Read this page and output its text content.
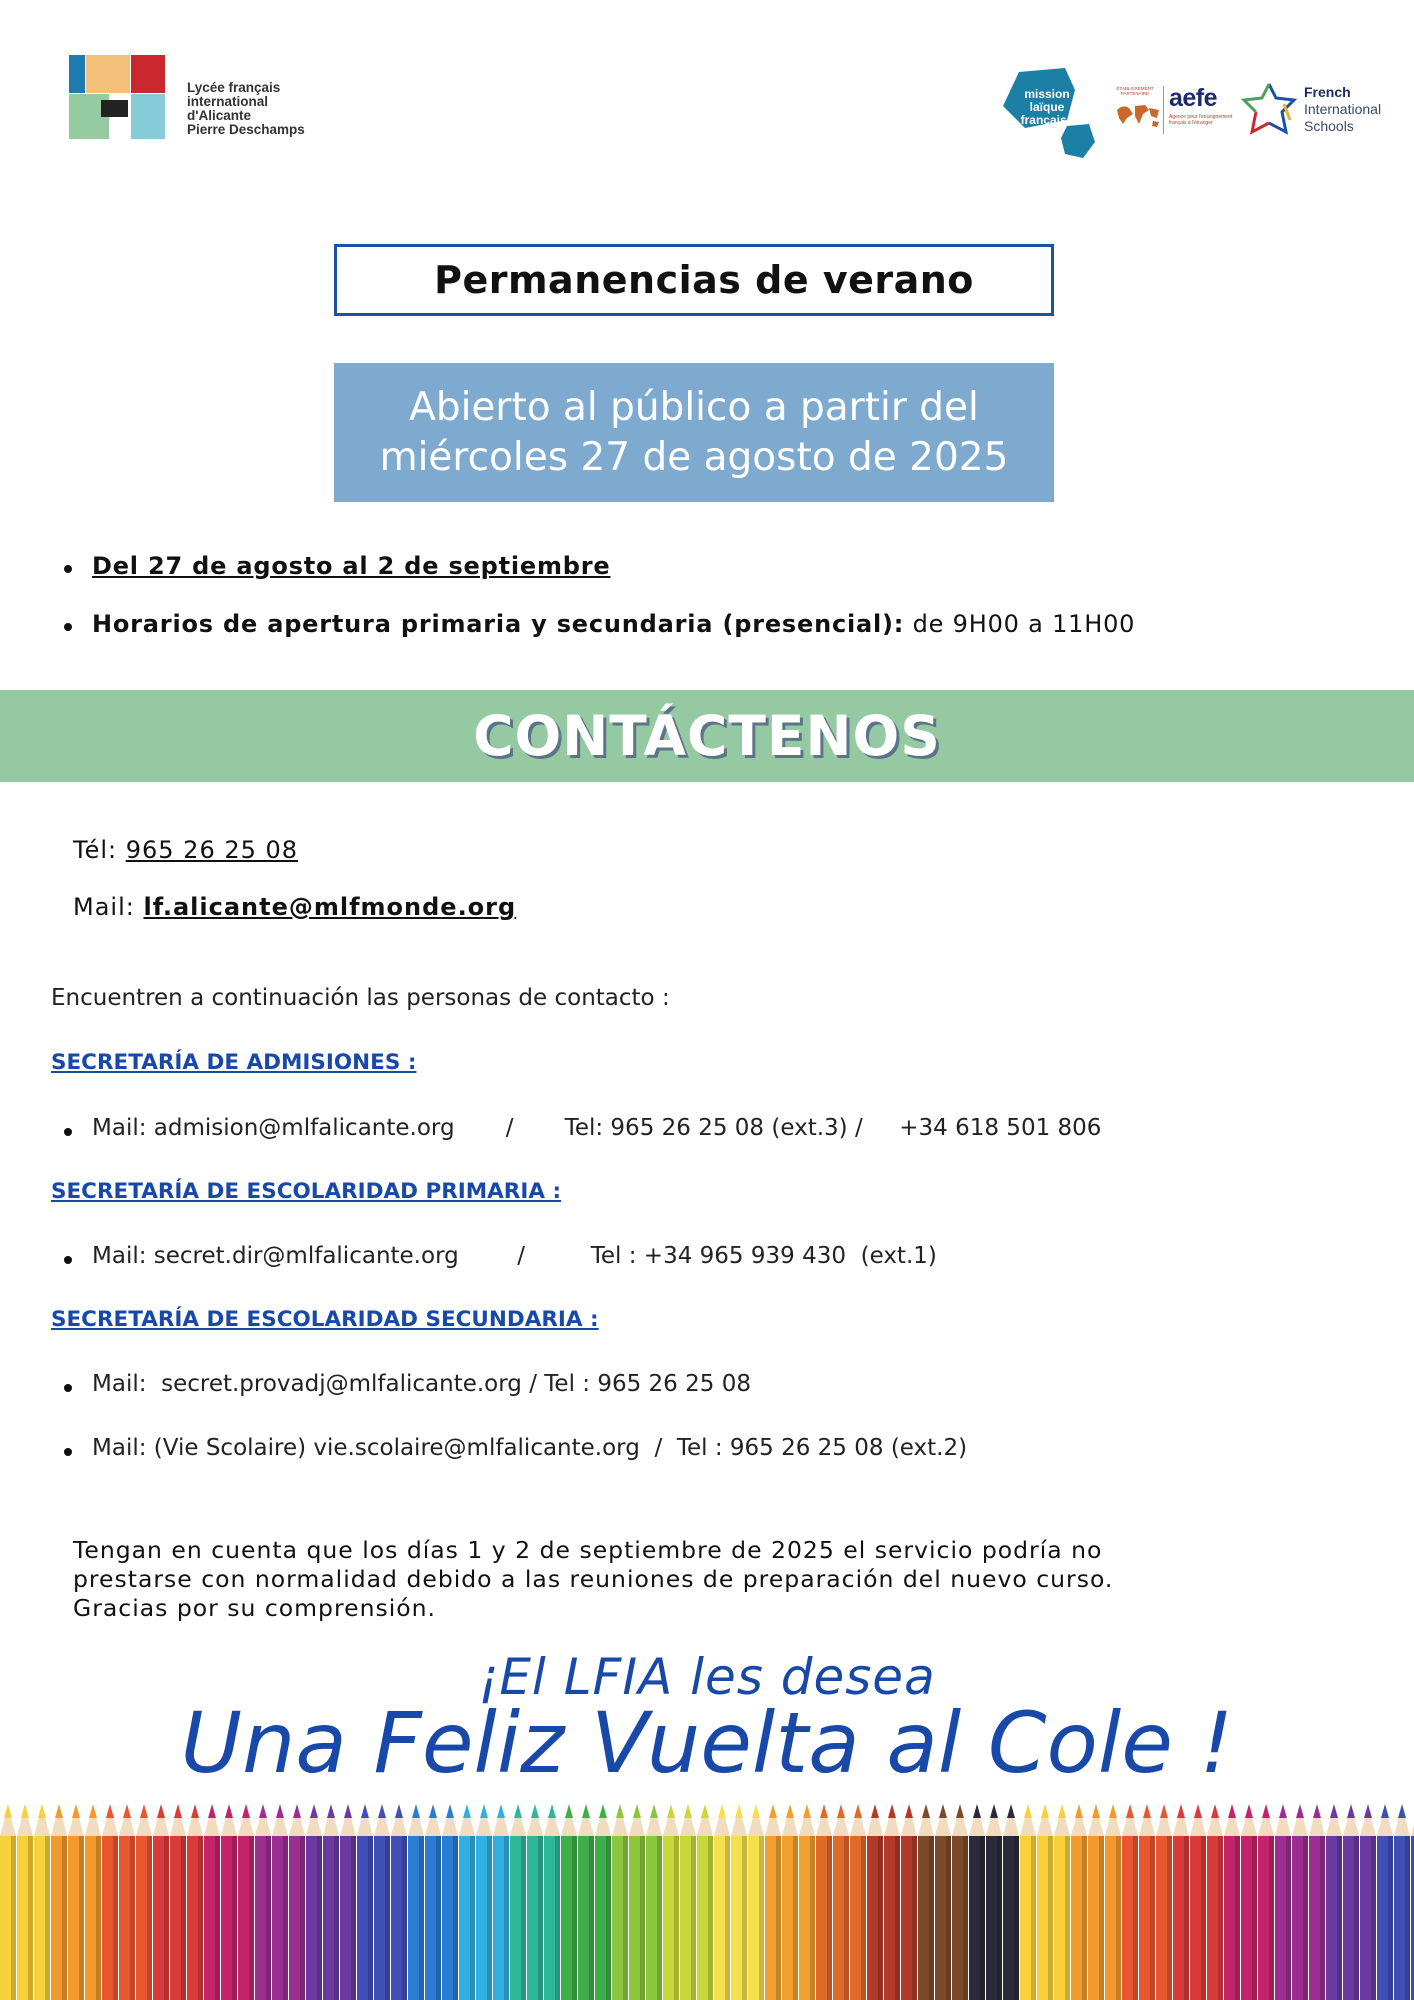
Lycée français
international
d'Alicante
Pierre Deschamps
mission
laïque
française
ÉTABLISSEMENT PARTENAIRE aefe
Agence pour l'enseignement français à l'étranger
French
International
Schools
Permanencias de verano
Abierto al público a partir del
miércoles 27 de agosto de 2025
Del 27 de agosto al 2 de septiembre
Horarios de apertura primaria y secundaria (presencial): de 9H00 a 11H00
CONTÁCTENOS
Tél: 965 26 25 08
Mail: lf.alicante@mlfmonde.org
Encuentren a continuación las personas de contacto :
SECRETARÍA DE ADMISIONES :
Mail: admision@mlfalicante.org       /       Tel: 965 26 25 08 (ext.3) /     +34 618 501 806
SECRETARÍA DE ESCOLARIDAD PRIMARIA :
Mail: secret.dir@mlfalicante.org        /         Tel : +34 965 939 430  (ext.1)
SECRETARÍA DE ESCOLARIDAD SECUNDARIA :
Mail:  secret.provadj@mlfalicante.org / Tel : 965 26 25 08
Mail: (Vie Scolaire) vie.scolaire@mlfalicante.org  /  Tel : 965 26 25 08 (ext.2)
Tengan en cuenta que los días 1 y 2 de septiembre de 2025 el servicio podría no
prestarse con normalidad debido a las reuniones de preparación del nuevo curso.
Gracias por su comprensión.
¡El LFIA les desea
Una Feliz Vuelta al Cole !
